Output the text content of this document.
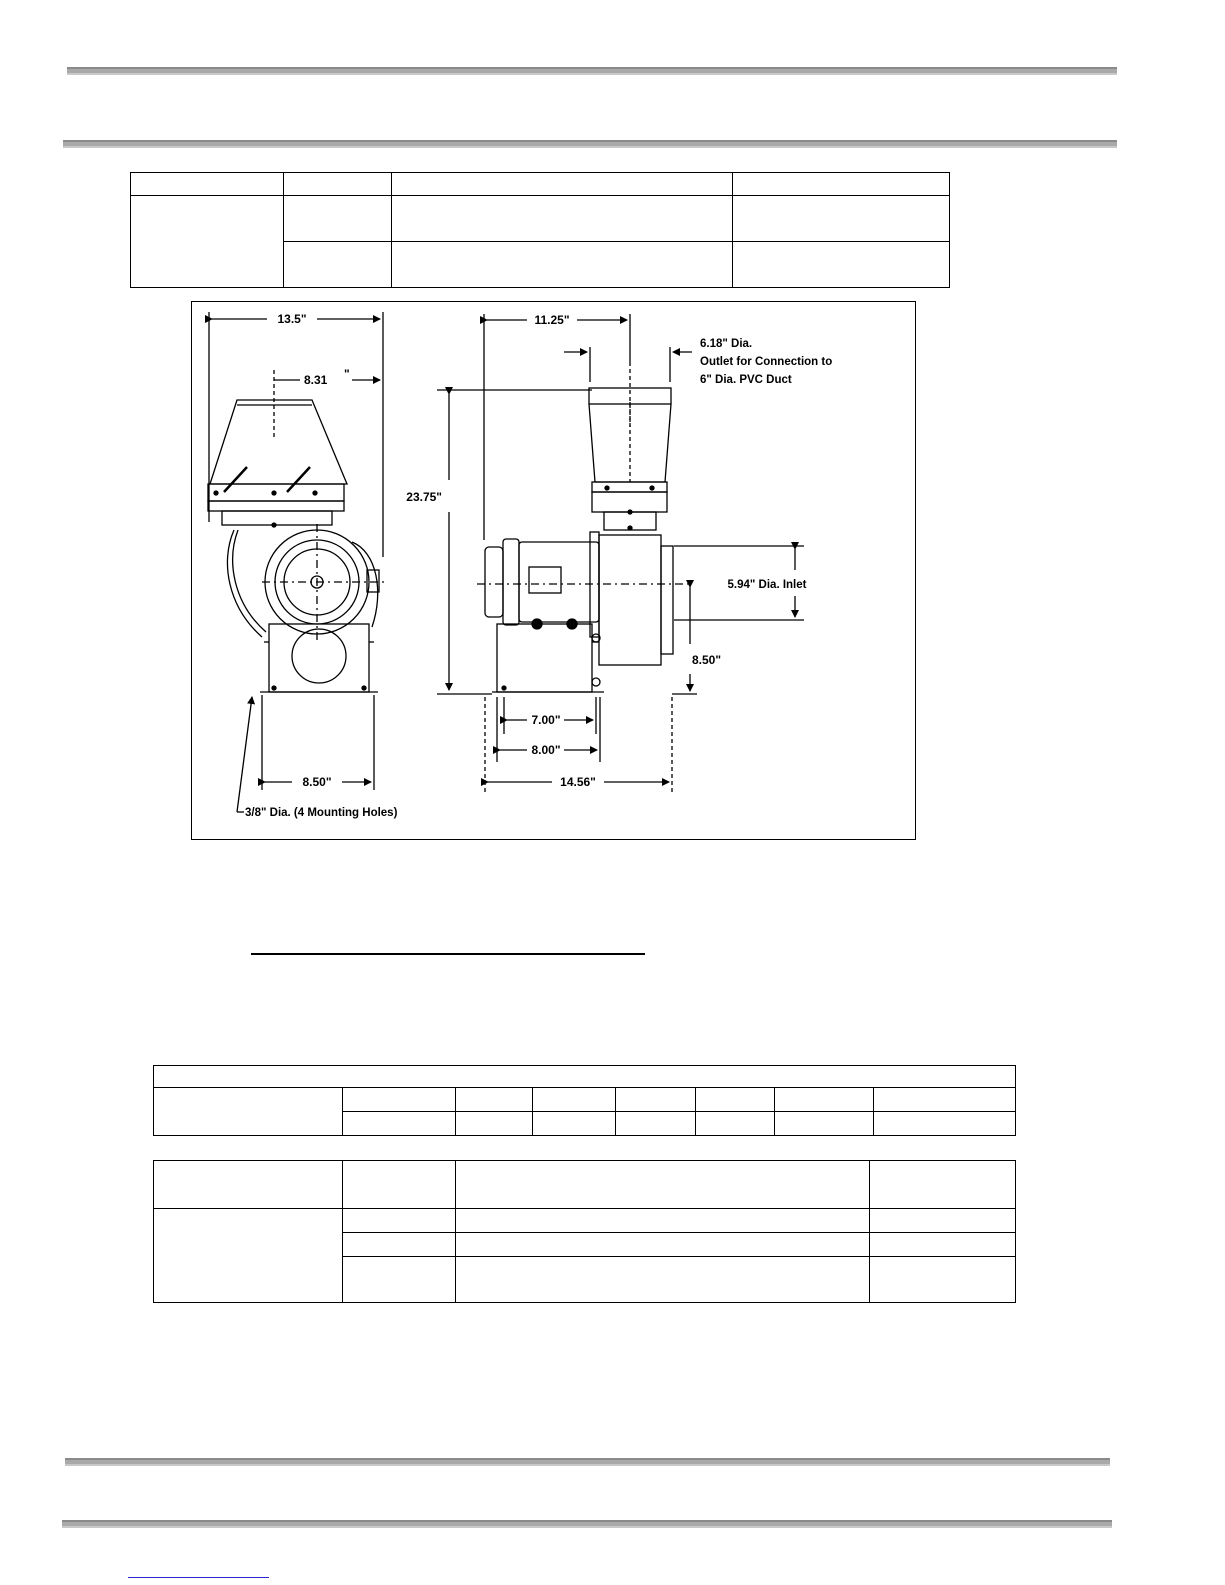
13.5"
8.31 "
8.50"
3/8" Dia. (4 Mounting Holes)
11.25"
6.18" Dia.
Outlet for Connection to
6" Dia. PVC Duct
23.75"
5.94" Dia. Inlet
8.50"
7.00"
8.00"
14.56"
